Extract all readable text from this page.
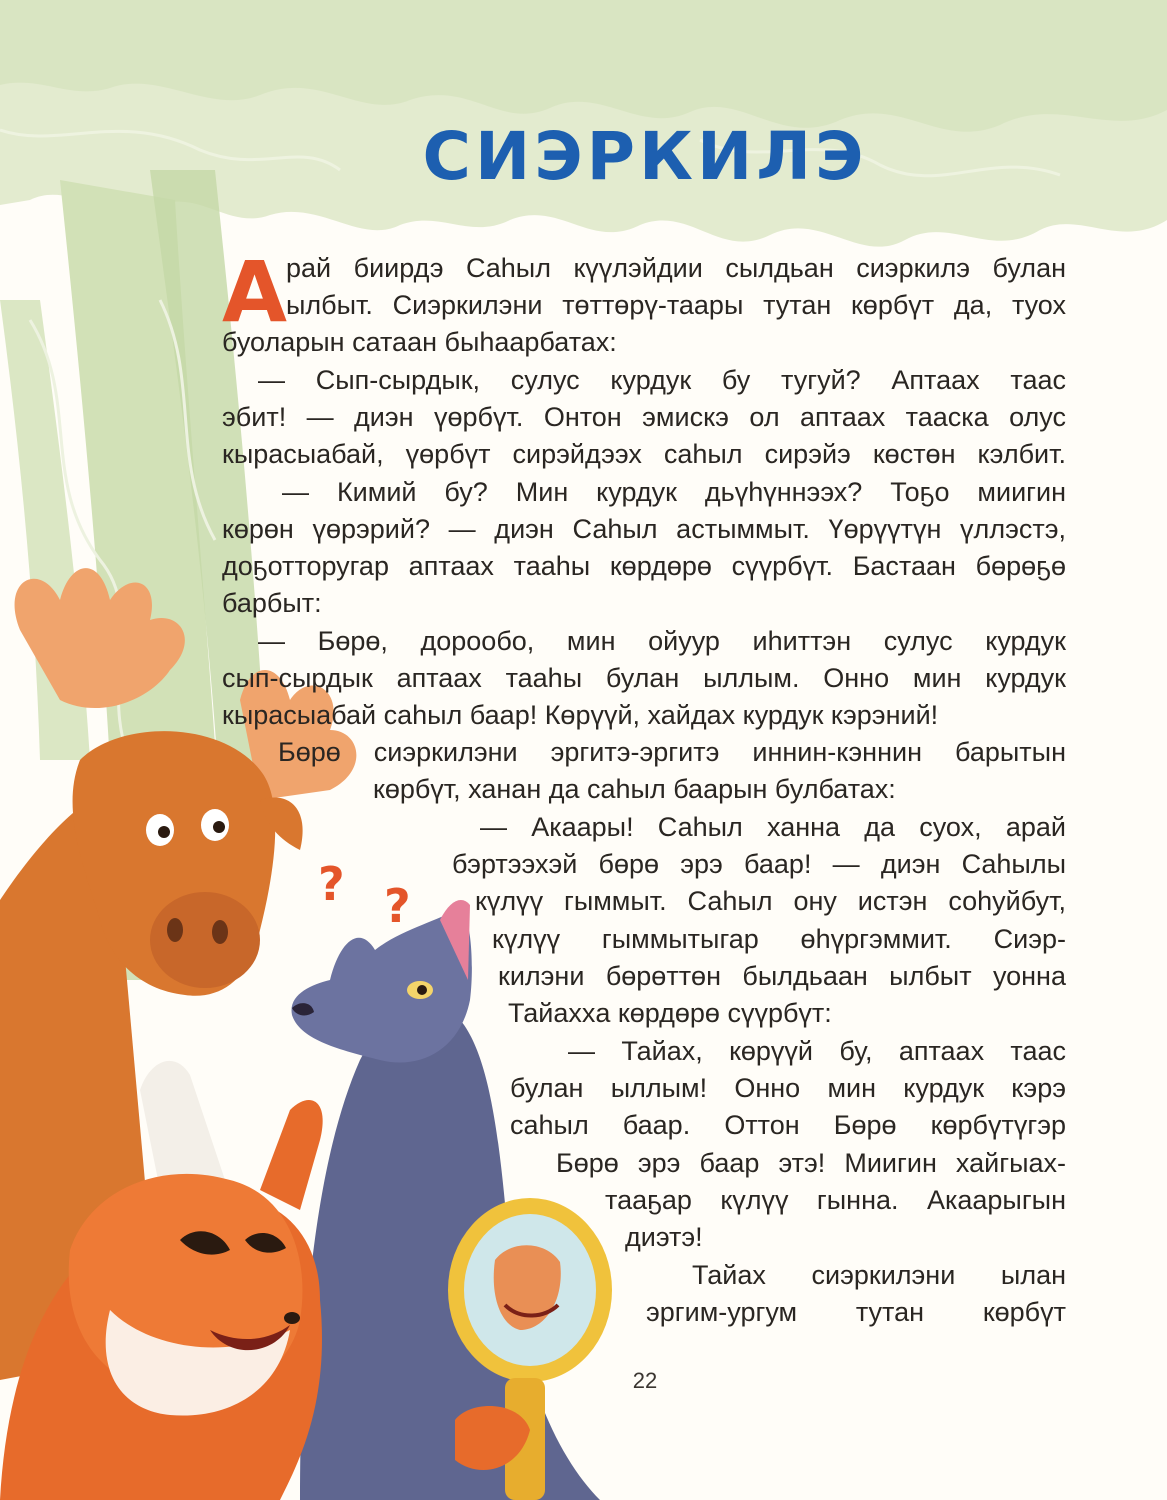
? ?
СИЭРКИЛЭ
А
рай биирдэ Саһыл күүлэйдии сылдьан сиэркилэ булан
ылбыт. Сиэркилэни төттөрү-таары тутан көрбүт да, туох
буоларын сатаан быһаарбатах:
— Сып-сырдык, сулус курдук бу тугуй? Аптаах таас
эбит! — диэн үөрбүт. Онтон эмискэ ол аптаах тааска олус
кырасыабай, үөрбүт сирэйдээх саһыл сирэйэ көстөн кэлбит.
— Кимий бу? Мин курдук дьүһүннээх? Тоҕо миигин
көрөн үөрэрий? — диэн Саһыл астыммыт. Үөрүүтүн үллэстэ,
доҕотторугар аптаах тааһы көрдөрө сүүрбүт. Бастаан бөрөҕө
барбыт:
— Бөрө, дорообо, мин ойуур иһиттэн сулус курдук
сып-сырдык аптаах тааһы булан ыллым. Онно мин курдук
кырасыабай саһыл баар! Көрүүй, хайдах курдук кэрэний!
Бөрө сиэркилэни эргитэ-эргитэ иннин-кэннин барытын
көрбүт, ханан да саһыл баарын булбатах:
— Акаары! Саһыл ханна да суох, арай
бэртээхэй бөрө эрэ баар! — диэн Саһылы
күлүү гыммыт. Саһыл ону истэн соһуйбут,
күлүү гыммытыгар өһүргэммит. Сиэр-
килэни бөрөттөн былдьаан ылбыт уонна
Тайаххa көрдөрө сүүрбүт:
— Тайах, көрүүй бу, аптаах таас
булан ыллым! Онно мин курдук кэрэ
саһыл баар. Оттон Бөрө көрбүтүгэр
Бөрө эрэ баар этэ! Миигин хайгыах-
тааҕар күлүү гынна. Акаарыгын
диэтэ!
Тайах сиэркилэни ылан
эргим-ургум тутан көрбүт
22
